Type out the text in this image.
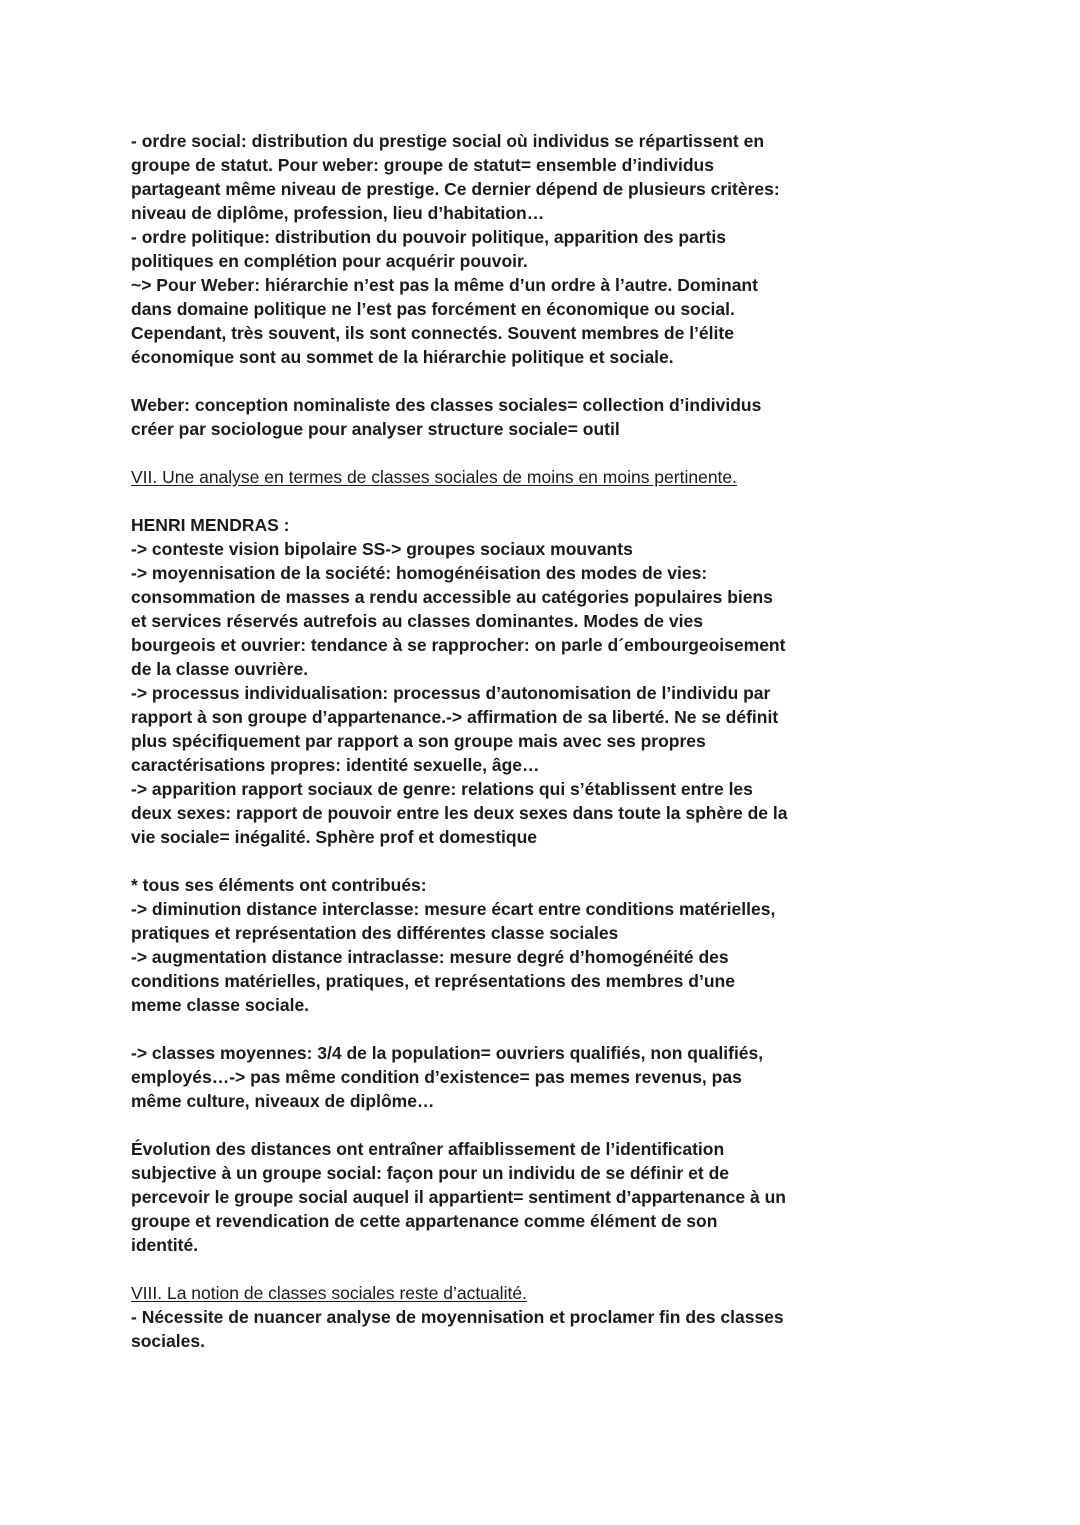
- ordre social: distribution du prestige social où individus se répartissent en
groupe de statut. Pour weber: groupe de statut= ensemble d’individus
partageant même niveau de prestige. Ce dernier dépend de plusieurs critères:
niveau de diplôme, profession, lieu d’habitation…
- ordre politique: distribution du pouvoir politique, apparition des partis
politiques en complétion pour acquérir pouvoir.
~> Pour Weber: hiérarchie n’est pas la même d’un ordre à l’autre. Dominant
dans domaine politique ne l’est pas forcément en économique ou social.
Cependant, très souvent, ils sont connectés. Souvent membres de l’élite
économique sont au sommet de la hiérarchie politique et sociale.
Weber: conception nominaliste des classes sociales= collection d’individus
créer par sociologue pour analyser structure sociale= outil
VII. Une analyse en termes de classes sociales de moins en moins pertinente.
HENRI MENDRAS :
-> conteste vision bipolaire SS-> groupes sociaux mouvants
-> moyennisation de la société: homogénéisation des modes de vies:
consommation de masses a rendu accessible au catégories populaires biens
et services réservés autrefois au classes dominantes. Modes de vies
bourgeois et ouvrier: tendance à se rapprocher: on parle d´embourgeoisement
de la classe ouvrière.
-> processus individualisation: processus d’autonomisation de l’individu par
rapport à son groupe d’appartenance.-> affirmation de sa liberté. Ne se définit
plus spécifiquement par rapport a son groupe mais avec ses propres
caractérisations propres: identité sexuelle, âge…
-> apparition rapport sociaux de genre: relations qui s’établissent entre les
deux sexes: rapport de pouvoir entre les deux sexes dans toute la sphère de la
vie sociale= inégalité. Sphère prof et domestique
* tous ses éléments ont contribués:
-> diminution distance interclasse: mesure écart entre conditions matérielles,
pratiques et représentation des différentes classe sociales
-> augmentation distance intraclasse: mesure degré d’homogénéité des
conditions matérielles, pratiques, et représentations des membres d’une
meme classe sociale.
-> classes moyennes: 3/4 de la population= ouvriers qualifiés, non qualifiés,
employés…-> pas même condition d’existence= pas memes revenus, pas
même culture, niveaux de diplôme…
Évolution des distances ont entraîner affaiblissement de l’identification
subjective à un groupe social: façon pour un individu de se définir et de
percevoir le groupe social auquel il appartient= sentiment d’appartenance à un
groupe et revendication de cette appartenance comme élément de son
identité.
VIII. La notion de classes sociales reste d’actualité.
- Nécessite de nuancer analyse de moyennisation et proclamer fin des classes
sociales.
